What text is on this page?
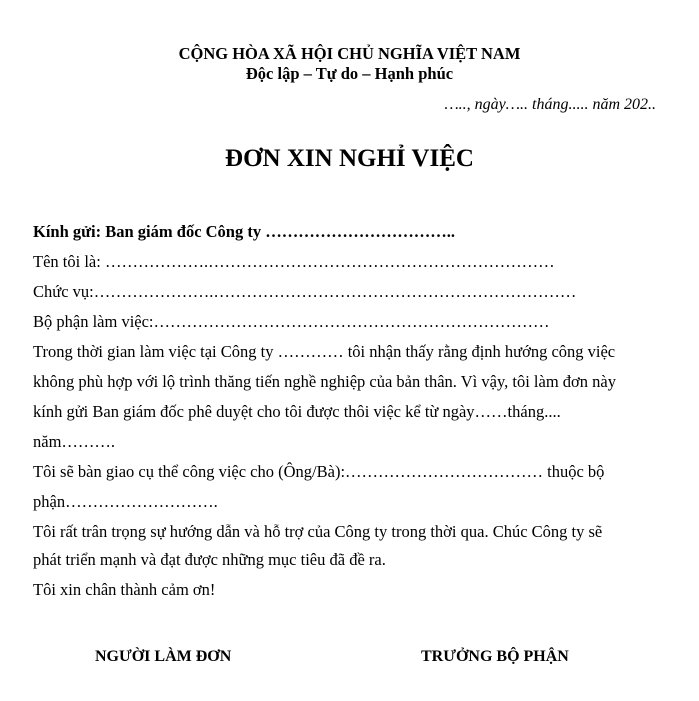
CỘNG HÒA XÃ HỘI CHỦ NGHĨA VIỆT NAM
Độc lập – Tự do – Hạnh phúc
….., ngày….. tháng..... năm 202..
ĐƠN XIN NGHỈ VIỆC
Kính gửi: Ban giám đốc Công ty ……………………………..
Tên tôi là: ……………….………………………………………………………
Chức vụ:………………….…………………………………………………………
Bộ phận làm việc:………………………………………………………………
Trong thời gian làm việc tại Công ty ………… tôi nhận thấy rằng định hướng công việc
không phù hợp với lộ trình thăng tiến nghề nghiệp của bản thân. Vì vậy, tôi làm đơn này
kính gửi Ban giám đốc phê duyệt cho tôi được thôi việc kể từ ngày……tháng....
năm……….
Tôi sẽ bàn giao cụ thể công việc cho (Ông/Bà):……………………………… thuộc bộ
phận……………………….
Tôi rất trân trọng sự hướng dẫn và hỗ trợ của Công ty trong thời qua. Chúc Công ty sẽ
phát triển mạnh và đạt được những mục tiêu đã đề ra.
Tôi xin chân thành cảm ơn!
NGƯỜI LÀM ĐƠN	TRƯỞNG BỘ PHẬN
